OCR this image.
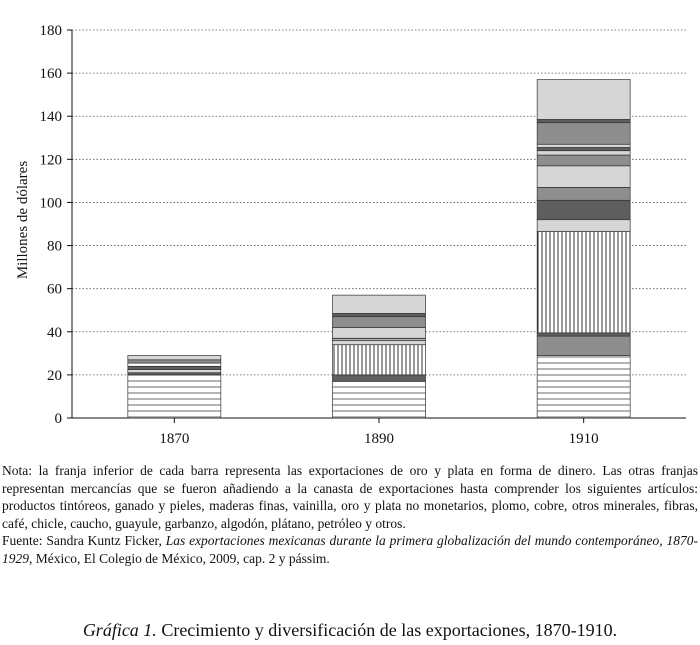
0
20
40
60
80
100
120
140
160
180
1870	1890	1910
Millones de dólares

Nota: la franja inferior de cada barra representa las exportaciones de oro y plata en forma de dinero. Las otras franjas representan mercancías que se fueron añadiendo a la canasta de exportaciones hasta comprender los siguientes artículos: productos tintóreos, ganado y pieles, maderas finas, vainilla, oro y plata no monetarios, plomo, cobre, otros minerales, fibras, café, chicle, caucho, guayule, garbanzo, algodón, plátano, petróleo y otros.

Fuente: Sandra Kuntz Ficker, Las exportaciones mexicanas durante la primera globalización del mundo contemporáneo, 1870-1929, México, El Colegio de México, 2009, cap. 2 y pássim.

Gráfica 1. Crecimiento y diversificación de las exportaciones, 1870-1910.
